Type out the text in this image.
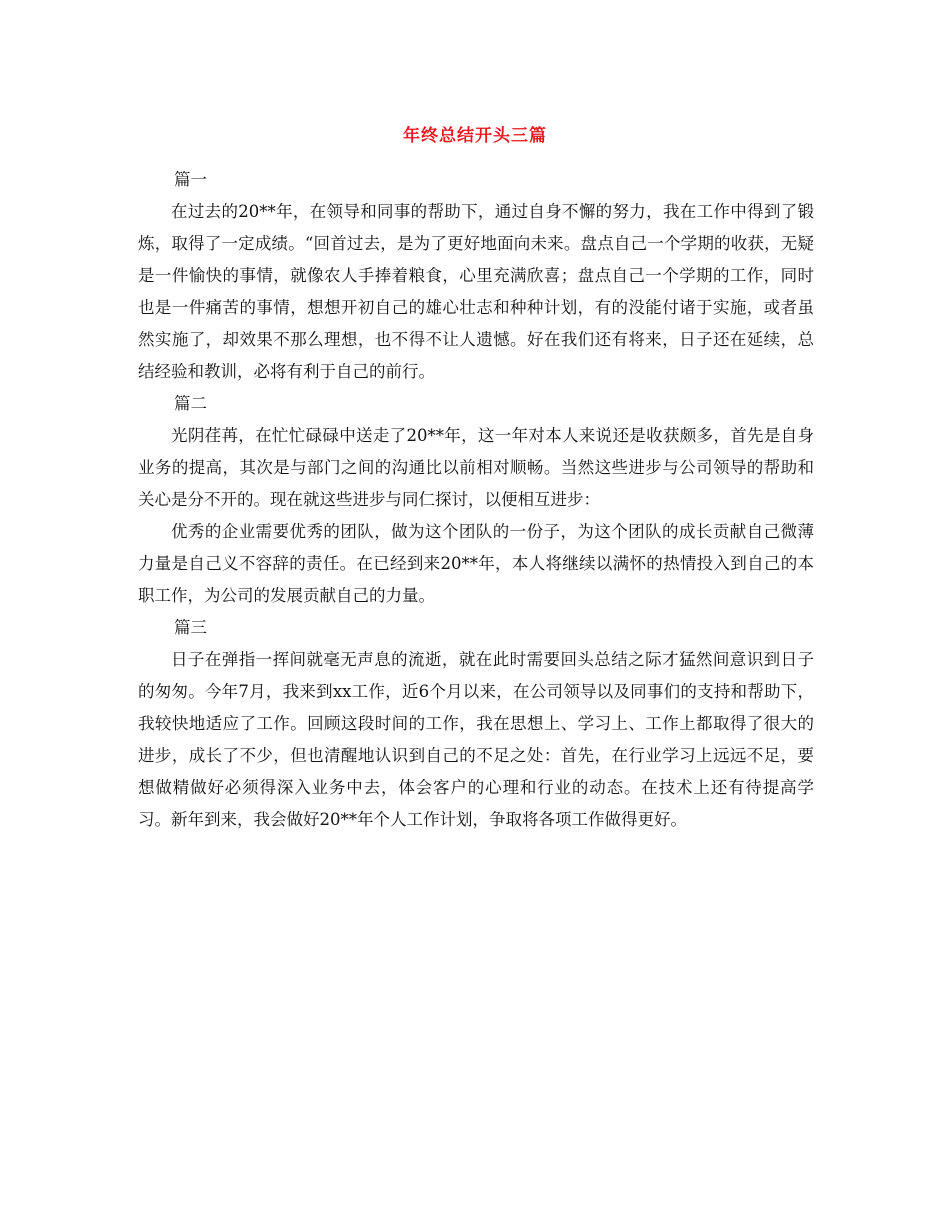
年终总结开头三篇

篇一

在过去的20**年，在领导和同事的帮助下，通过自身不懈的努力，我在工作中得到了锻炼，取得了一定成绩。“回首过去，是为了更好地面向未来。盘点自己一个学期的收获，无疑是一件愉快的事情，就像农人手捧着粮食，心里充满欣喜；盘点自己一个学期的工作，同时也是一件痛苦的事情，想想开初自己的雄心壮志和种种计划，有的没能付诸于实施，或者虽然实施了，却效果不那么理想，也不得不让人遗憾。好在我们还有将来，日子还在延续，总结经验和教训，必将有利于自己的前行。

篇二

光阴荏苒，在忙忙碌碌中送走了20**年，这一年对本人来说还是收获颇多，首先是自身业务的提高，其次是与部门之间的沟通比以前相对顺畅。当然这些进步与公司领导的帮助和关心是分不开的。现在就这些进步与同仁探讨，以便相互进步：

优秀的企业需要优秀的团队，做为这个团队的一份子，为这个团队的成长贡献自己微薄力量是自己义不容辞的责任。在已经到来20**年，本人将继续以满怀的热情投入到自己的本职工作，为公司的发展贡献自己的力量。

篇三

日子在弹指一挥间就毫无声息的流逝，就在此时需要回头总结之际才猛然间意识到日子的匆匆。今年7月，我来到xx工作，近6个月以来，在公司领导以及同事们的支持和帮助下，我较快地适应了工作。回顾这段时间的工作，我在思想上、学习上、工作上都取得了很大的进步，成长了不少，但也清醒地认识到自己的不足之处：首先，在行业学习上远远不足，要想做精做好必须得深入业务中去，体会客户的心理和行业的动态。在技术上还有待提高学习。新年到来，我会做好20**年个人工作计划，争取将各项工作做得更好。
